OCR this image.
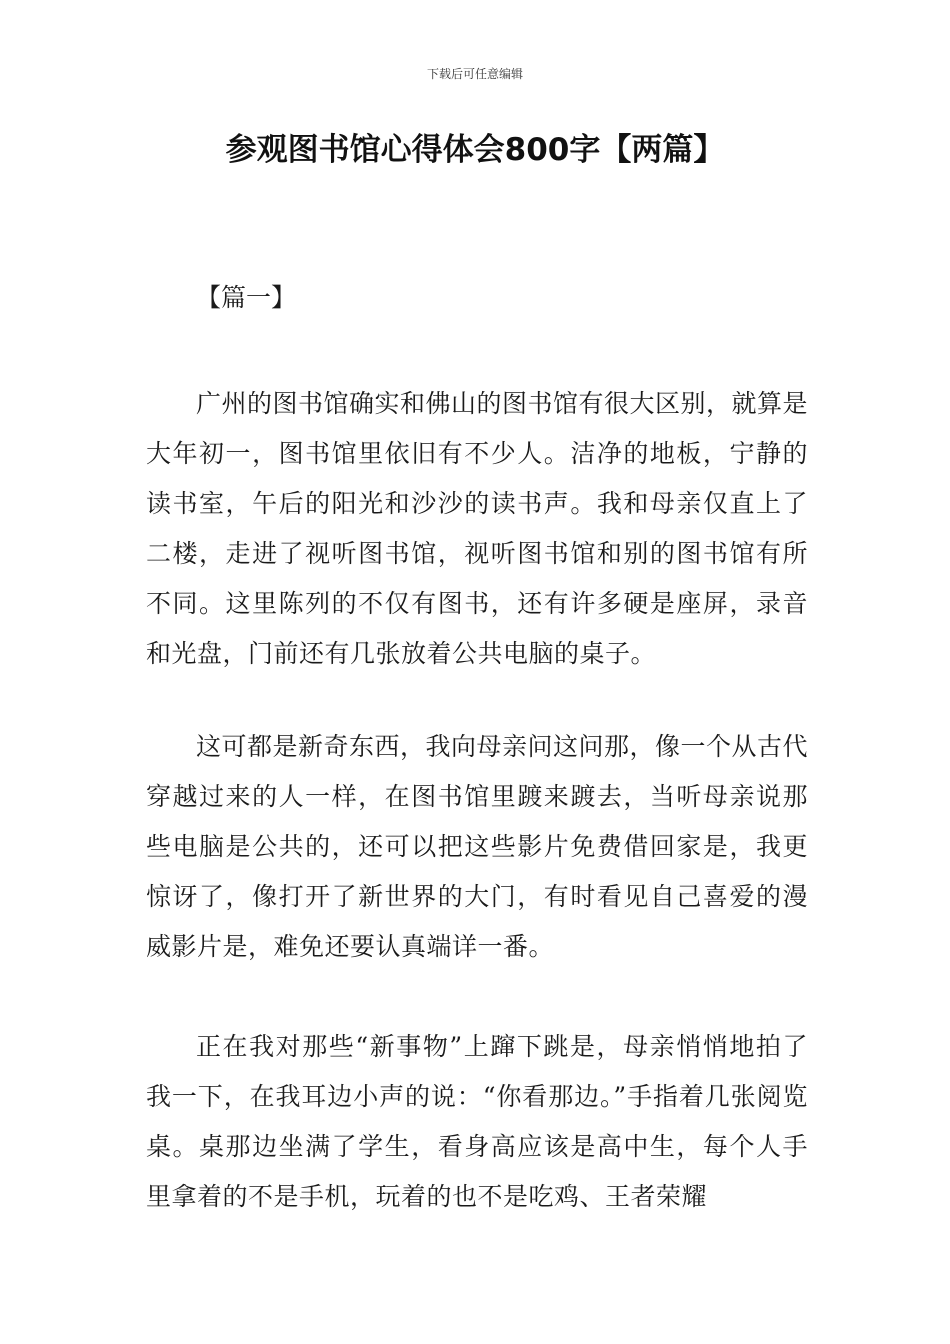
下载后可任意编辑
参观图书馆心得体会800字【两篇】

【篇一】

广州的图书馆确实和佛山的图书馆有很大区别，就算是大年初一，图书馆里依旧有不少人。洁净的地板，宁静的读书室，午后的阳光和沙沙的读书声。我和母亲仅直上了二楼，走进了视听图书馆，视听图书馆和别的图书馆有所不同。这里陈列的不仅有图书，还有许多硬是座屏，录音和光盘，门前还有几张放着公共电脑的桌子。

这可都是新奇东西，我向母亲问这问那，像一个从古代穿越过来的人一样，在图书馆里踱来踱去，当听母亲说那些电脑是公共的，还可以把这些影片免费借回家是，我更惊讶了，像打开了新世界的大门，有时看见自己喜爱的漫威影片是，难免还要认真端详一番。

正在我对那些“新事物”上蹿下跳是，母亲悄悄地拍了我一下，在我耳边小声的说：“你看那边。”手指着几张阅览桌。桌那边坐满了学生，看身高应该是高中生，每个人手里拿着的不是手机，玩着的也不是吃鸡、王者荣耀
